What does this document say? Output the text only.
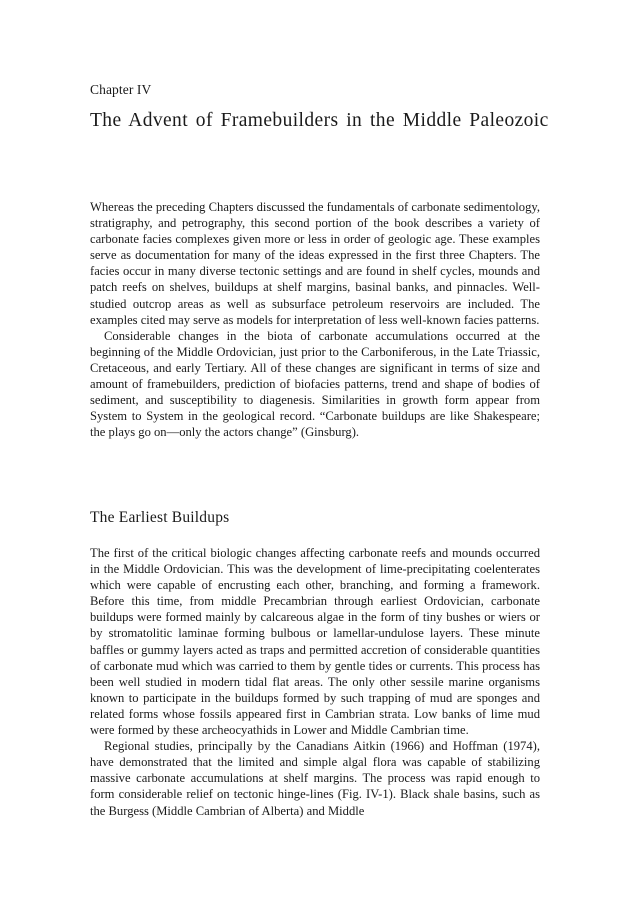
Chapter IV
The Advent of Framebuilders in the Middle Paleozoic

Whereas the preceding Chapters discussed the fundamentals of carbonate sedimentology, stratigraphy, and petrography, this second portion of the book describes a variety of carbonate facies complexes given more or less in order of geologic age. These examples serve as documentation for many of the ideas expressed in the first three Chapters. The facies occur in many diverse tectonic settings and are found in shelf cycles, mounds and patch reefs on shelves, buildups at shelf margins, basinal banks, and pinnacles. Well-studied outcrop areas as well as subsurface petroleum reservoirs are included. The examples cited may serve as models for interpretation of less well-known facies patterns.

Considerable changes in the biota of carbonate accumulations occurred at the beginning of the Middle Ordovician, just prior to the Carboniferous, in the Late Triassic, Cretaceous, and early Tertiary. All of these changes are significant in terms of size and amount of framebuilders, prediction of biofacies patterns, trend and shape of bodies of sediment, and susceptibility to diagenesis. Similarities in growth form appear from System to System in the geological record. “Carbonate buildups are like Shakespeare; the plays go on—only the actors change” (Ginsburg).

The Earliest Buildups

The first of the critical biologic changes affecting carbonate reefs and mounds occurred in the Middle Ordovician. This was the development of lime-precipitating coelenterates which were capable of encrusting each other, branching, and forming a framework. Before this time, from middle Precambrian through earliest Ordovician, carbonate buildups were formed mainly by calcareous algae in the form of tiny bushes or wiers or by stromatolitic laminae forming bulbous or lamellar-undulose layers. These minute baffles or gummy layers acted as traps and permitted accretion of considerable quantities of carbonate mud which was carried to them by gentle tides or currents. This process has been well studied in modern tidal flat areas. The only other sessile marine organisms known to participate in the buildups formed by such trapping of mud are sponges and related forms whose fossils appeared first in Cambrian strata. Low banks of lime mud were formed by these archeocyathids in Lower and Middle Cambrian time.

Regional studies, principally by the Canadians Aitkin (1966) and Hoffman (1974), have demonstrated that the limited and simple algal flora was capable of stabilizing massive carbonate accumulations at shelf margins. The process was rapid enough to form considerable relief on tectonic hinge-lines (Fig. IV-1). Black shale basins, such as the Burgess (Middle Cambrian of Alberta) and Middle
